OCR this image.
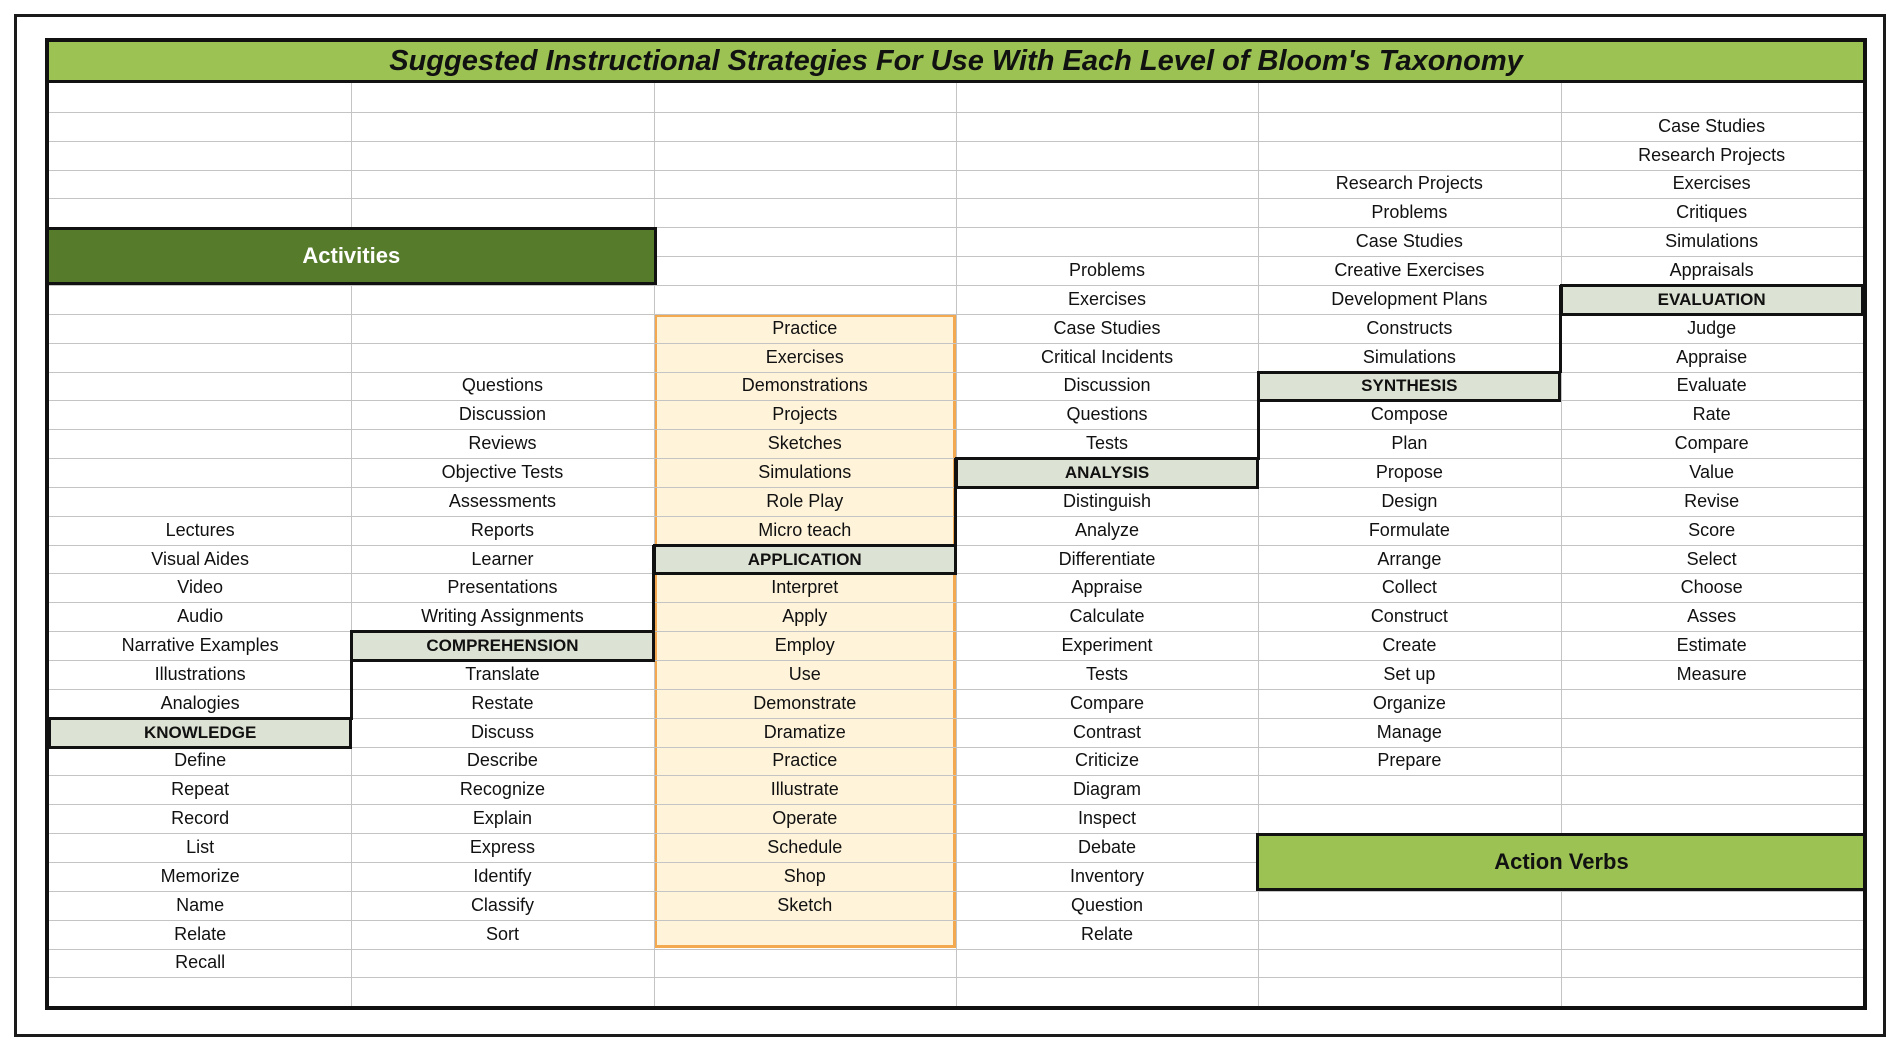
Suggested Instructional Strategies For Use With Each Level of Bloom's Taxonomy
Activities
Action Verbs
Lectures
Visual Aides
Video
Audio
Narrative Examples
Illustrations
Analogies
KNOWLEDGE
Define
Repeat
Record
List
Memorize
Name
Relate
Recall
Questions
Discussion
Reviews
Objective Tests
Assessments
Reports
Learner
Presentations
Writing Assignments
COMPREHENSION
Translate
Restate
Discuss
Describe
Recognize
Explain
Express
Identify
Classify
Sort
Practice
Exercises
Demonstrations
Projects
Sketches
Simulations
Role Play
Micro teach
APPLICATION
Interpret
Apply
Employ
Use
Demonstrate
Dramatize
Practice
Illustrate
Operate
Schedule
Shop
Sketch
Problems
Exercises
Case Studies
Critical Incidents
Discussion
Questions
Tests
ANALYSIS
Distinguish
Analyze
Differentiate
Appraise
Calculate
Experiment
Tests
Compare
Contrast
Criticize
Diagram
Inspect
Debate
Inventory
Question
Relate
Research Projects
Problems
Case Studies
Creative Exercises
Development Plans
Constructs
Simulations
SYNTHESIS
Compose
Plan
Propose
Design
Formulate
Arrange
Collect
Construct
Create
Set up
Organize
Manage
Prepare
Case Studies
Research Projects
Exercises
Critiques
Simulations
Appraisals
EVALUATION
Judge
Appraise
Evaluate
Rate
Compare
Value
Revise
Score
Select
Choose
Asses
Estimate
Measure
